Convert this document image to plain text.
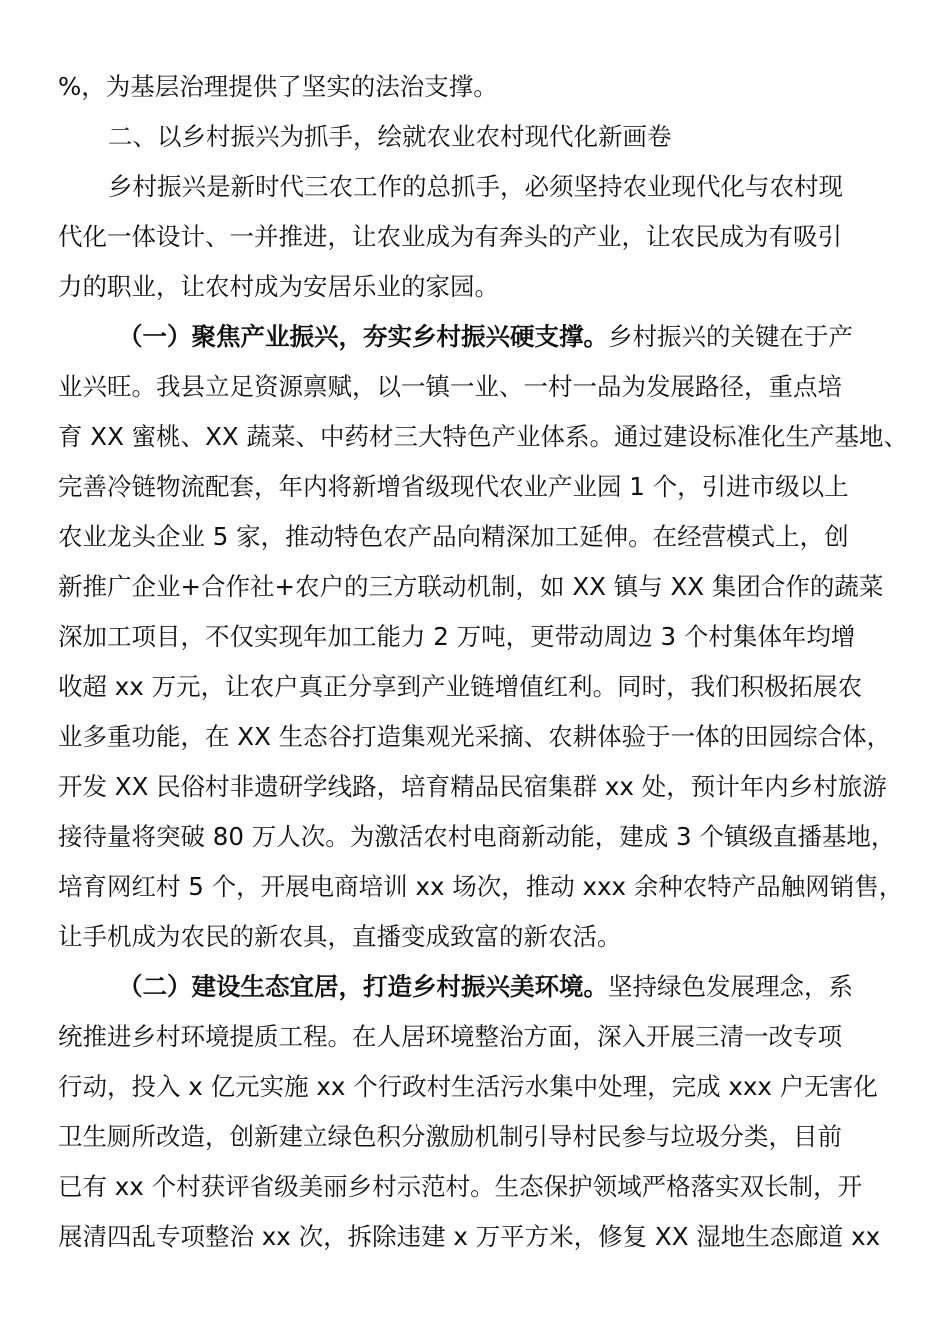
%，为基层治理提供了坚实的法治支撑。
二、以乡村振兴为抓手，绘就农业农村现代化新画卷
乡村振兴是新时代三农工作的总抓手，必须坚持农业现代化与农村现
代化一体设计、一并推进，让农业成为有奔头的产业，让农民成为有吸引
力的职业，让农村成为安居乐业的家园。
（一）聚焦产业振兴，夯实乡村振兴硬支撑。乡村振兴的关键在于产
业兴旺。我县立足资源禀赋，以一镇一业、一村一品为发展路径，重点培
育 XX 蜜桃、XX 蔬菜、中药材三大特色产业体系。通过建设标准化生产基地、
完善冷链物流配套，年内将新增省级现代农业产业园 1 个，引进市级以上
农业龙头企业 5 家，推动特色农产品向精深加工延伸。在经营模式上，创
新推广企业+合作社+农户的三方联动机制，如 XX 镇与 XX 集团合作的蔬菜
深加工项目，不仅实现年加工能力 2 万吨，更带动周边 3 个村集体年均增
收超 xx 万元，让农户真正分享到产业链增值红利。同时，我们积极拓展农
业多重功能，在 XX 生态谷打造集观光采摘、农耕体验于一体的田园综合体，
开发 XX 民俗村非遗研学线路，培育精品民宿集群 xx 处，预计年内乡村旅游
接待量将突破 80 万人次。为激活农村电商新动能，建成 3 个镇级直播基地，
培育网红村 5 个，开展电商培训 xx 场次，推动 xxx 余种农特产品触网销售，
让手机成为农民的新农具，直播变成致富的新农活。
（二）建设生态宜居，打造乡村振兴美环境。坚持绿色发展理念，系
统推进乡村环境提质工程。在人居环境整治方面，深入开展三清一改专项
行动，投入 x 亿元实施 xx 个行政村生活污水集中处理，完成 xxx 户无害化
卫生厕所改造，创新建立绿色积分激励机制引导村民参与垃圾分类，目前
已有 xx 个村获评省级美丽乡村示范村。生态保护领域严格落实双长制，开
展清四乱专项整治 xx 次，拆除违建 x 万平方米，修复 XX 湿地生态廊道 xx
